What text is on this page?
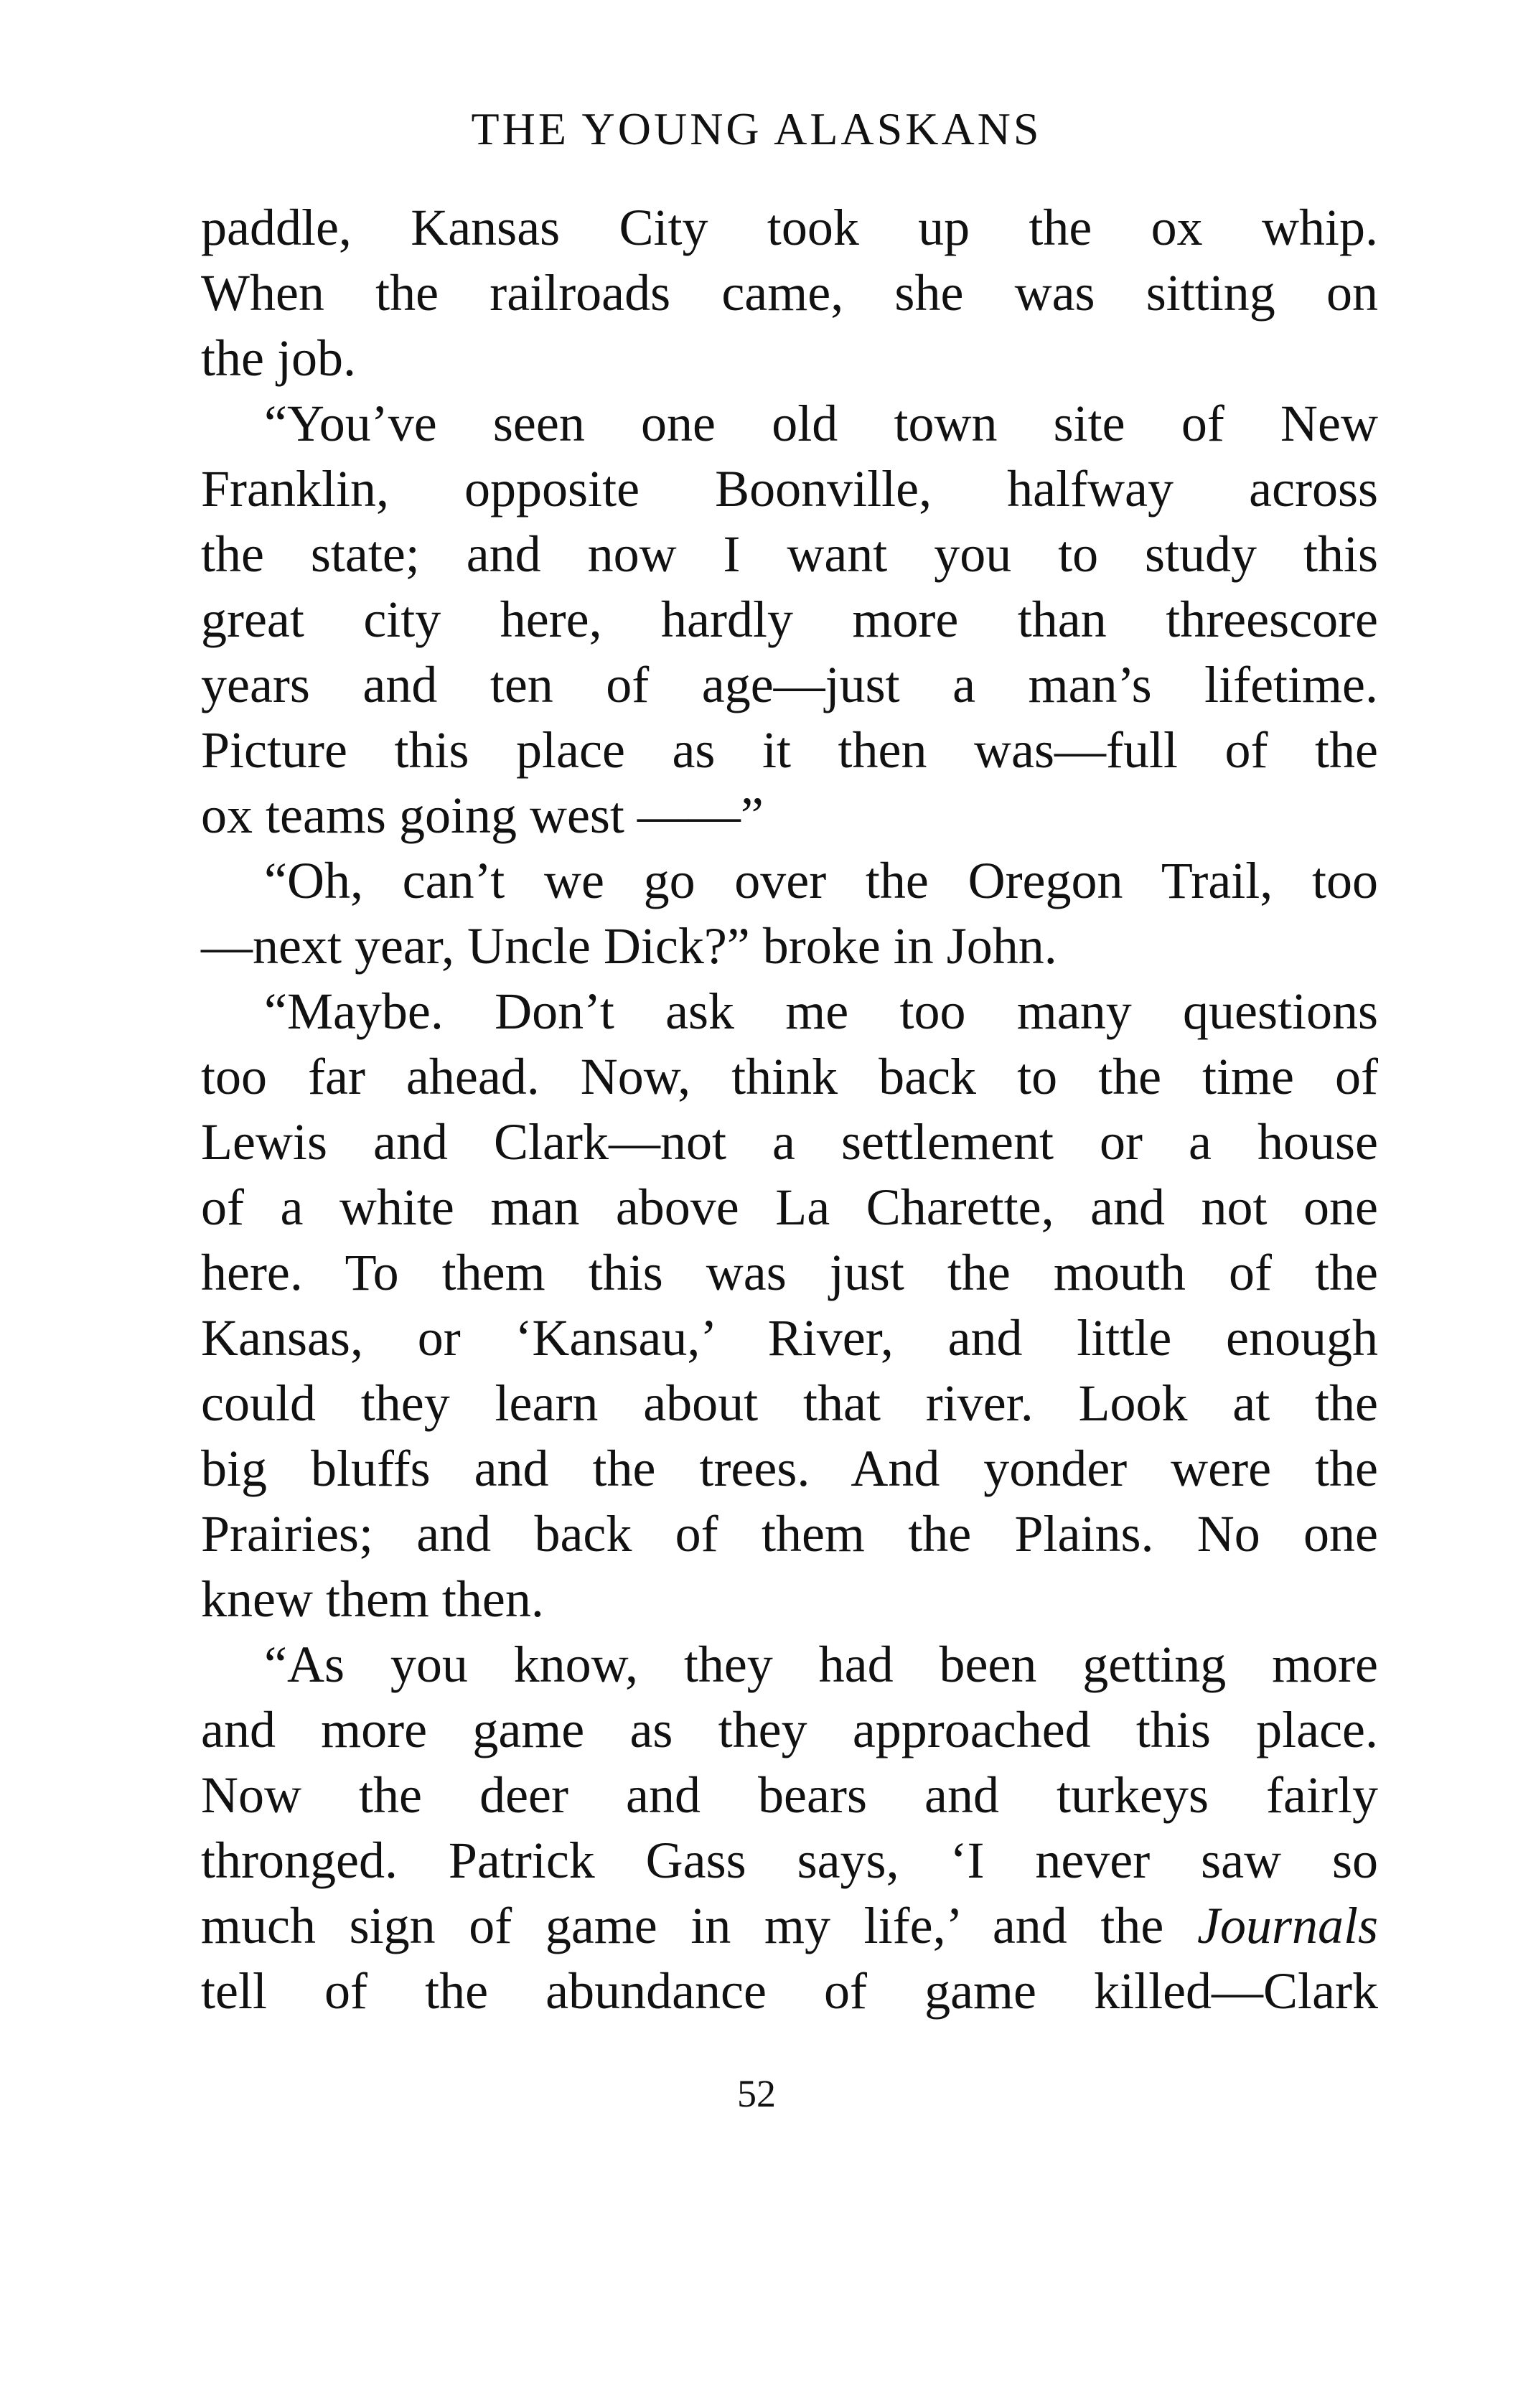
THE YOUNG ALASKANS
paddle, Kansas City took up the ox whip.
When the railroads came, she was sitting on
the job.
“You’ve seen one old town site of New
Franklin, opposite Boonville, halfway across
the state; and now I want you to study this
great city here, hardly more than threescore
years and ten of age—just a man’s lifetime.
Picture this place as it then was—full of the
ox teams going west ——”
“Oh, can’t we go over the Oregon Trail, too
—next year, Uncle Dick?” broke in John.
“Maybe. Don’t ask me too many questions
too far ahead. Now, think back to the time of
Lewis and Clark—not a settlement or a house
of a white man above La Charette, and not one
here. To them this was just the mouth of the
Kansas, or ‘Kansau,’ River, and little enough
could they learn about that river. Look at the
big bluffs and the trees. And yonder were the
Prairies; and back of them the Plains. No one
knew them then.
“As you know, they had been getting more
and more game as they approached this place.
Now the deer and bears and turkeys fairly
thronged. Patrick Gass says, ‘I never saw so
much sign of game in my life,’ and the Journals
tell of the abundance of game killed—Clark
52
